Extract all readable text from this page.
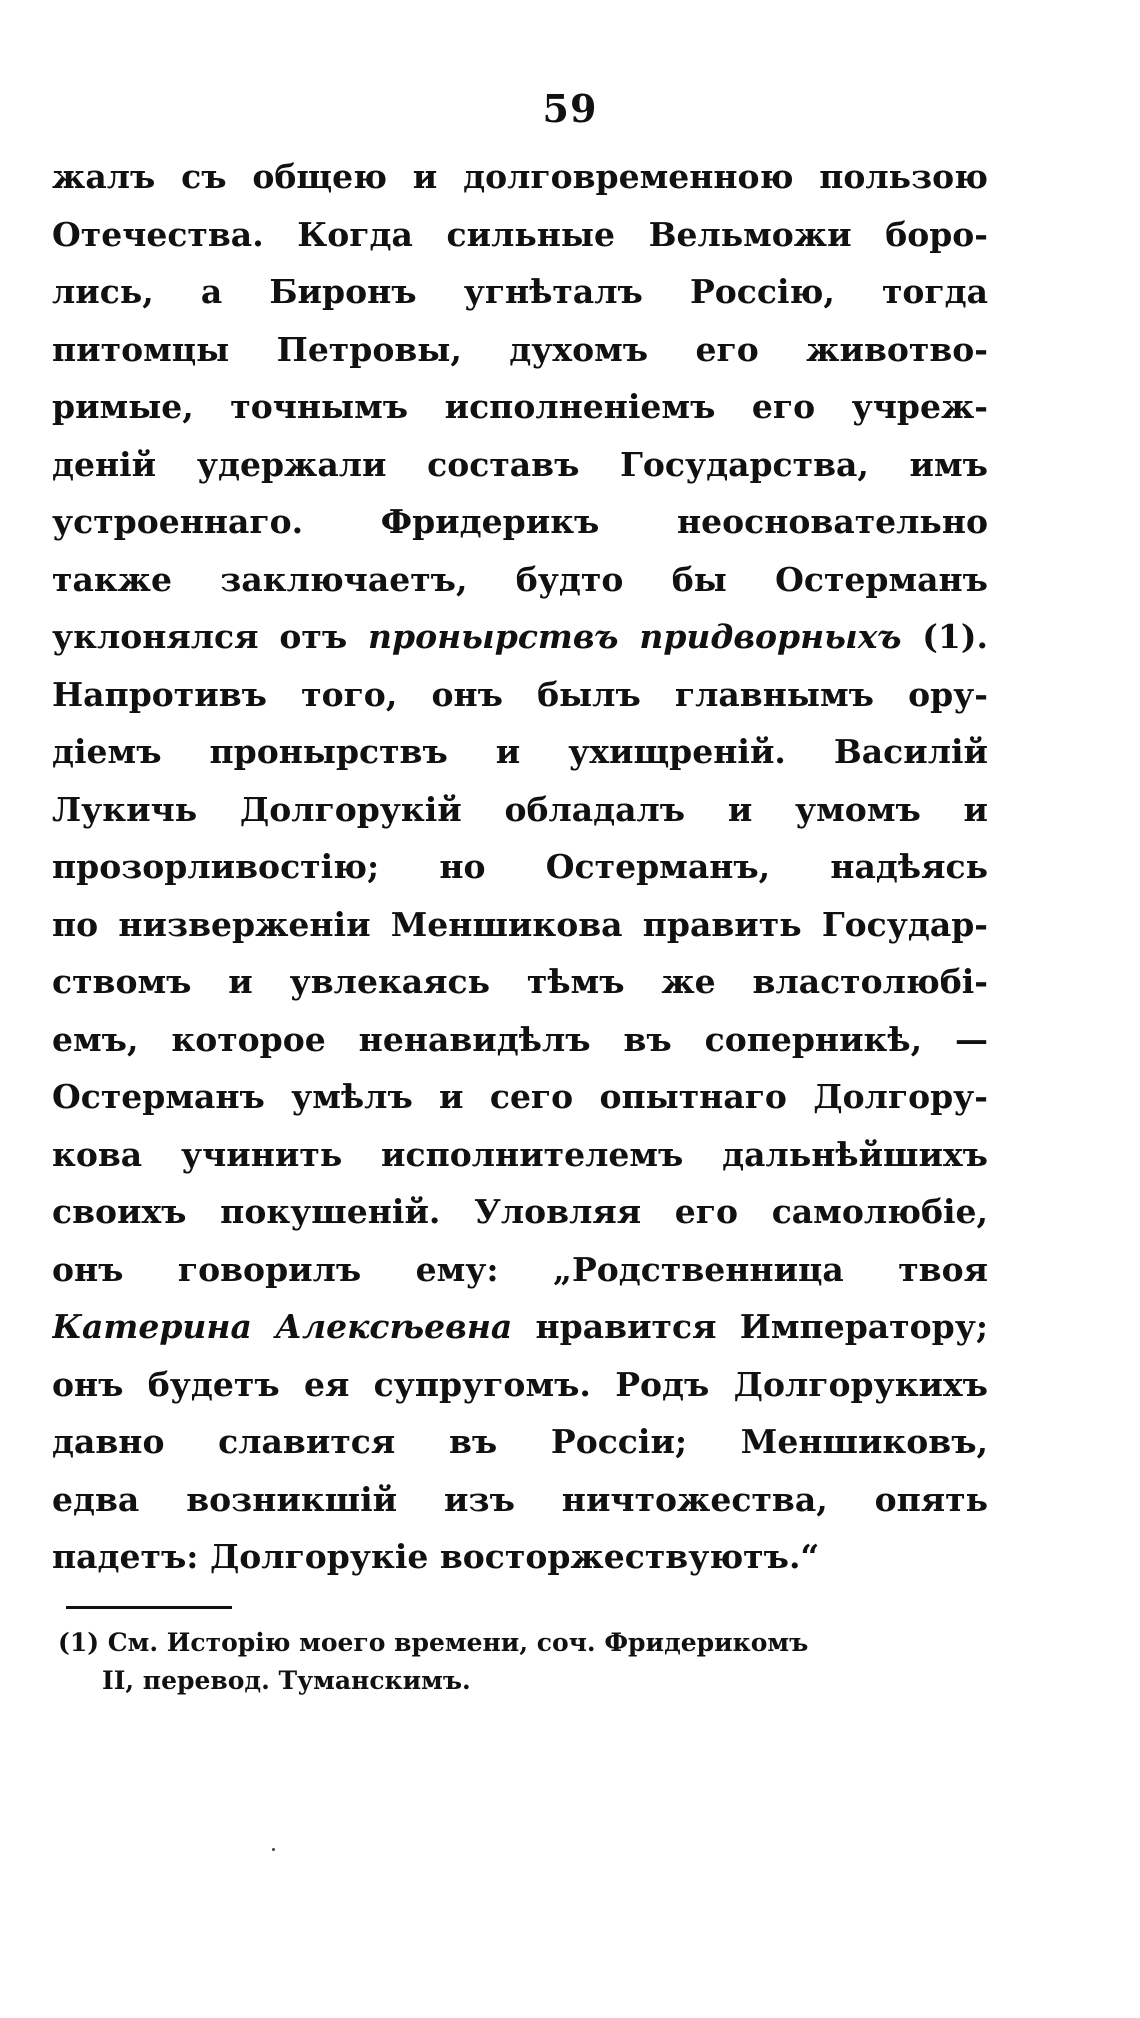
59
жалъ съ общею и долговременною пользою
Отечества. Когда сильные Вельможи боро-
лись, а Биронъ угнѣталъ Россію, тогда
питомцы Петровы, духомъ его животво-
римые, точнымъ исполненіемъ его учреж-
деній удержали составъ Государства, имъ
устроеннаго. Фридерикъ неосновательно
также заключаетъ, будто бы Остерманъ
уклонялся отъ пронырствъ придворныхъ (1).
Напротивъ того, онъ былъ главнымъ ору-
діемъ пронырствъ и ухищреній. Василій
Лукичь Долгорукій обладалъ и умомъ и
прозорливостію; но Остерманъ, надѣясь
по низверженіи Меншикова править Государ-
ствомъ и увлекаясь тѣмъ же властолюбі-
емъ, которое ненавидѣлъ въ соперникѣ, —
Остерманъ умѣлъ и сего опытнаго Долгору-
кова учинить исполнителемъ дальнѣйшихъ
своихъ покушеній. Уловляя его самолюбіе,
онъ говорилъ ему: „Родственница твоя
Катерина Алексѣевна нравится Императору;
онъ будетъ ея супругомъ. Родъ Долгорукихъ
давно славится въ Россіи; Меншиковъ,
едва возникшій изъ ничтожества, опять
падетъ: Долгорукіе восторжествуютъ.“
(1) См. Исторію моего времени, соч. Фридерикомъ
II, перевод. Туманскимъ.
